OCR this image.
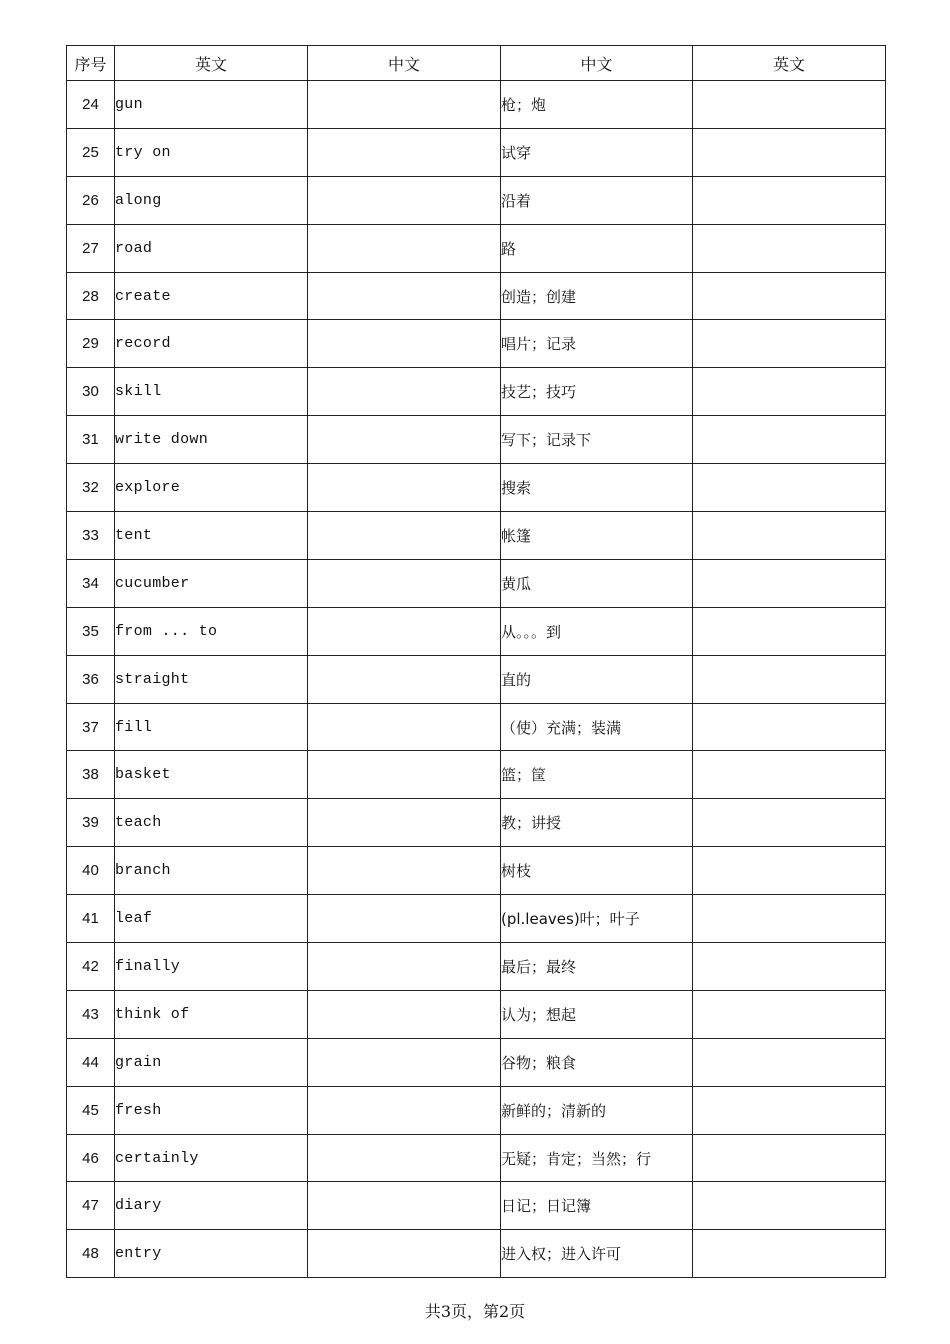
序号	英文	中文	中文	英文
24	gun		枪；炮	
25	try on		试穿	
26	along		沿着	
27	road		路	
28	create		创造；创建	
29	record		唱片；记录	
30	skill		技艺；技巧	
31	write down		写下；记录下	
32	explore		搜索	
33	tent		帐篷	
34	cucumber		黄瓜	
35	from ... to		从。。。到	
36	straight		直的	
37	fill		（使）充满；装满	
38	basket		篮；筐	
39	teach		教；讲授	
40	branch		树枝	
41	leaf		(pl.leaves)叶；叶子	
42	finally		最后；最终	
43	think of		认为；想起	
44	grain		谷物；粮食	
45	fresh		新鲜的；清新的	
46	certainly		无疑；肯定；当然；行	
47	diary		日记；日记簿	
48	entry		进入权；进入许可	
共3页，第2页
